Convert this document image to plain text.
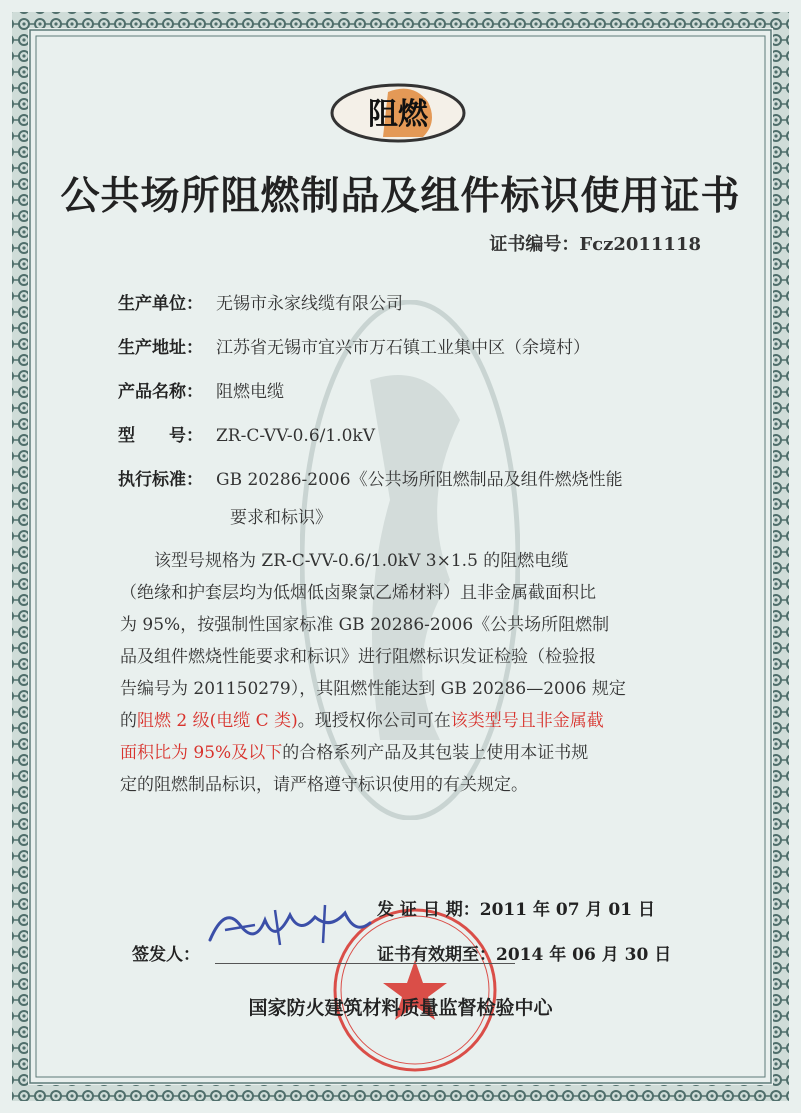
阻燃
公共场所阻燃制品及组件标识使用证书
证书编号：Fcz2011118
生产单位： 无锡市永家线缆有限公司
生产地址： 江苏省无锡市宜兴市万石镇工业集中区（余境村）
产品名称： 阻燃电缆
型　　号： ZR-C-VV-0.6/1.0kV
执行标准： GB 20286-2006《公共场所阻燃制品及组件燃烧性能
要求和标识》
　　该型号规格为 ZR-C-VV-0.6/1.0kV 3×1.5 的阻燃电缆
（绝缘和护套层均为低烟低卤聚氯乙烯材料）且非金属截面积比
为 95%，按强制性国家标准 GB 20286-2006《公共场所阻燃制
品及组件燃烧性能要求和标识》进行阻燃标识发证检验（检验报
告编号为 201150279），其阻燃性能达到 GB 20286—2006 规定
的阻燃 2 级(电缆 C 类)。现授权你公司可在该类型号且非金属截
面积比为 95%及以下的合格系列产品及其包装上使用本证书规
定的阻燃制品标识，请严格遵守标识使用的有关规定。
发 证 日 期：2011 年 07 月 01 日
签发人：	证书有效期至：2014 年 06 月 30 日
国家防火建筑材料质量监督检验中心
